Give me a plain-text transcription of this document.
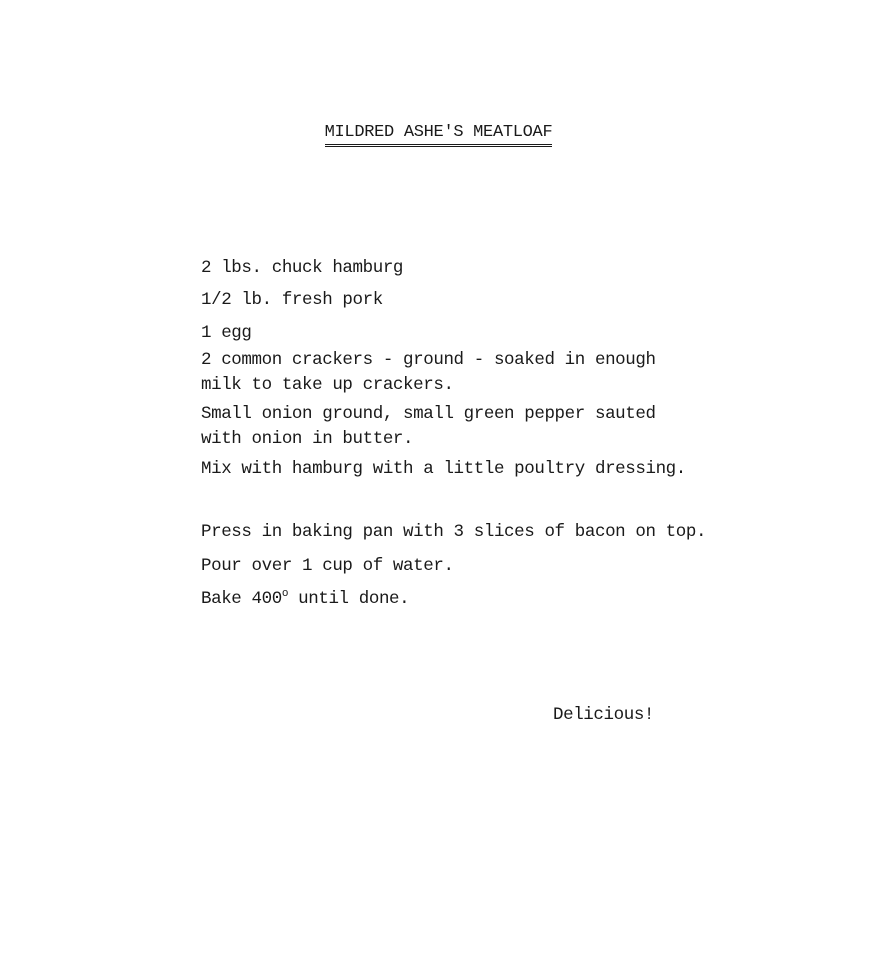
MILDRED ASHE'S MEATLOAF
2 lbs. chuck hamburg
1/2 lb. fresh pork
1 egg
2 common crackers - ground - soaked in enough
milk to take up crackers.
Small onion ground, small green pepper sauted
with onion in butter.
Mix with hamburg with a little poultry dressing.
Press in baking pan with 3 slices of bacon on top.
Pour over 1 cup of water.
Bake 400$^o$ until done.
Delicious!
